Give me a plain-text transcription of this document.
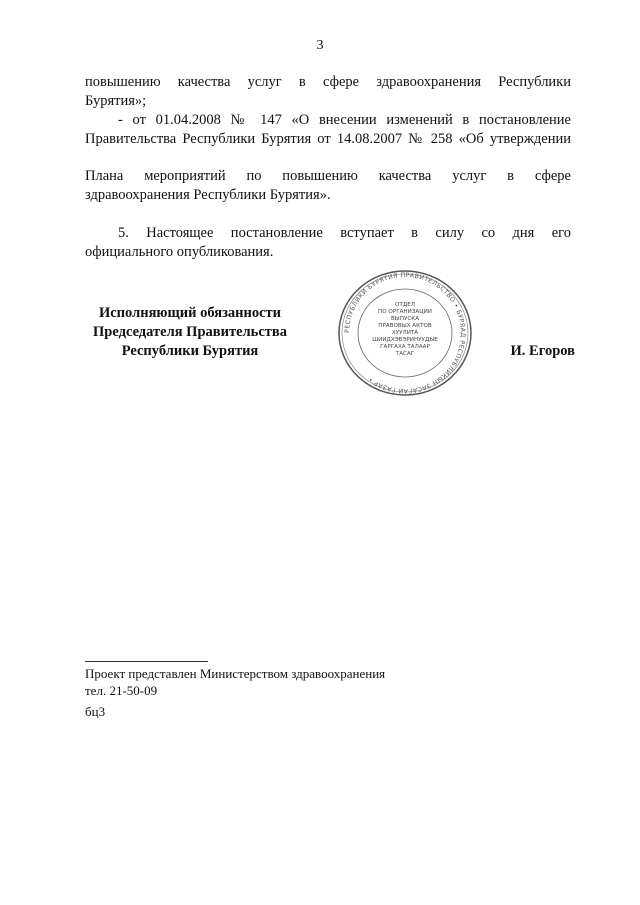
3

повышению качества услуг в сфере здравоохранения Республики

Бурятия»;

- от 01.04.2008 № 147 «О внесении изменений в постановление

Правительства Республики Бурятия от 14.08.2007 № 258 «Об утверждении

Плана мероприятий по повышению качества услуг в сфере

здравоохранения Республики Бурятия».

5. Настоящее постановление вступает в силу со дня его

официального опубликования.

Исполняющий обязанности
Председателя Правительства
Республики Бурятия
РЕСПУБЛИКИ БУРЯТИЯ ПРАВИТЕЛЬСТВО • БУРЯАД РЕСПУБЛИКЫН ЗАСАГАЙ ГАЗАР •
ОТДЕЛ
ПО ОРГАНИЗАЦИИ
ВЫПУСКА
ПРАВОВЫХ АКТОВ
ХУУЛИТА
ШИИДХЭБЭРИНУУДЫЕ
ГАРГАХА ТАЛААР
ТАСАГ	И. Егоров
Проект представлен Министерством здравоохранения
тел. 21-50-09
бц3
